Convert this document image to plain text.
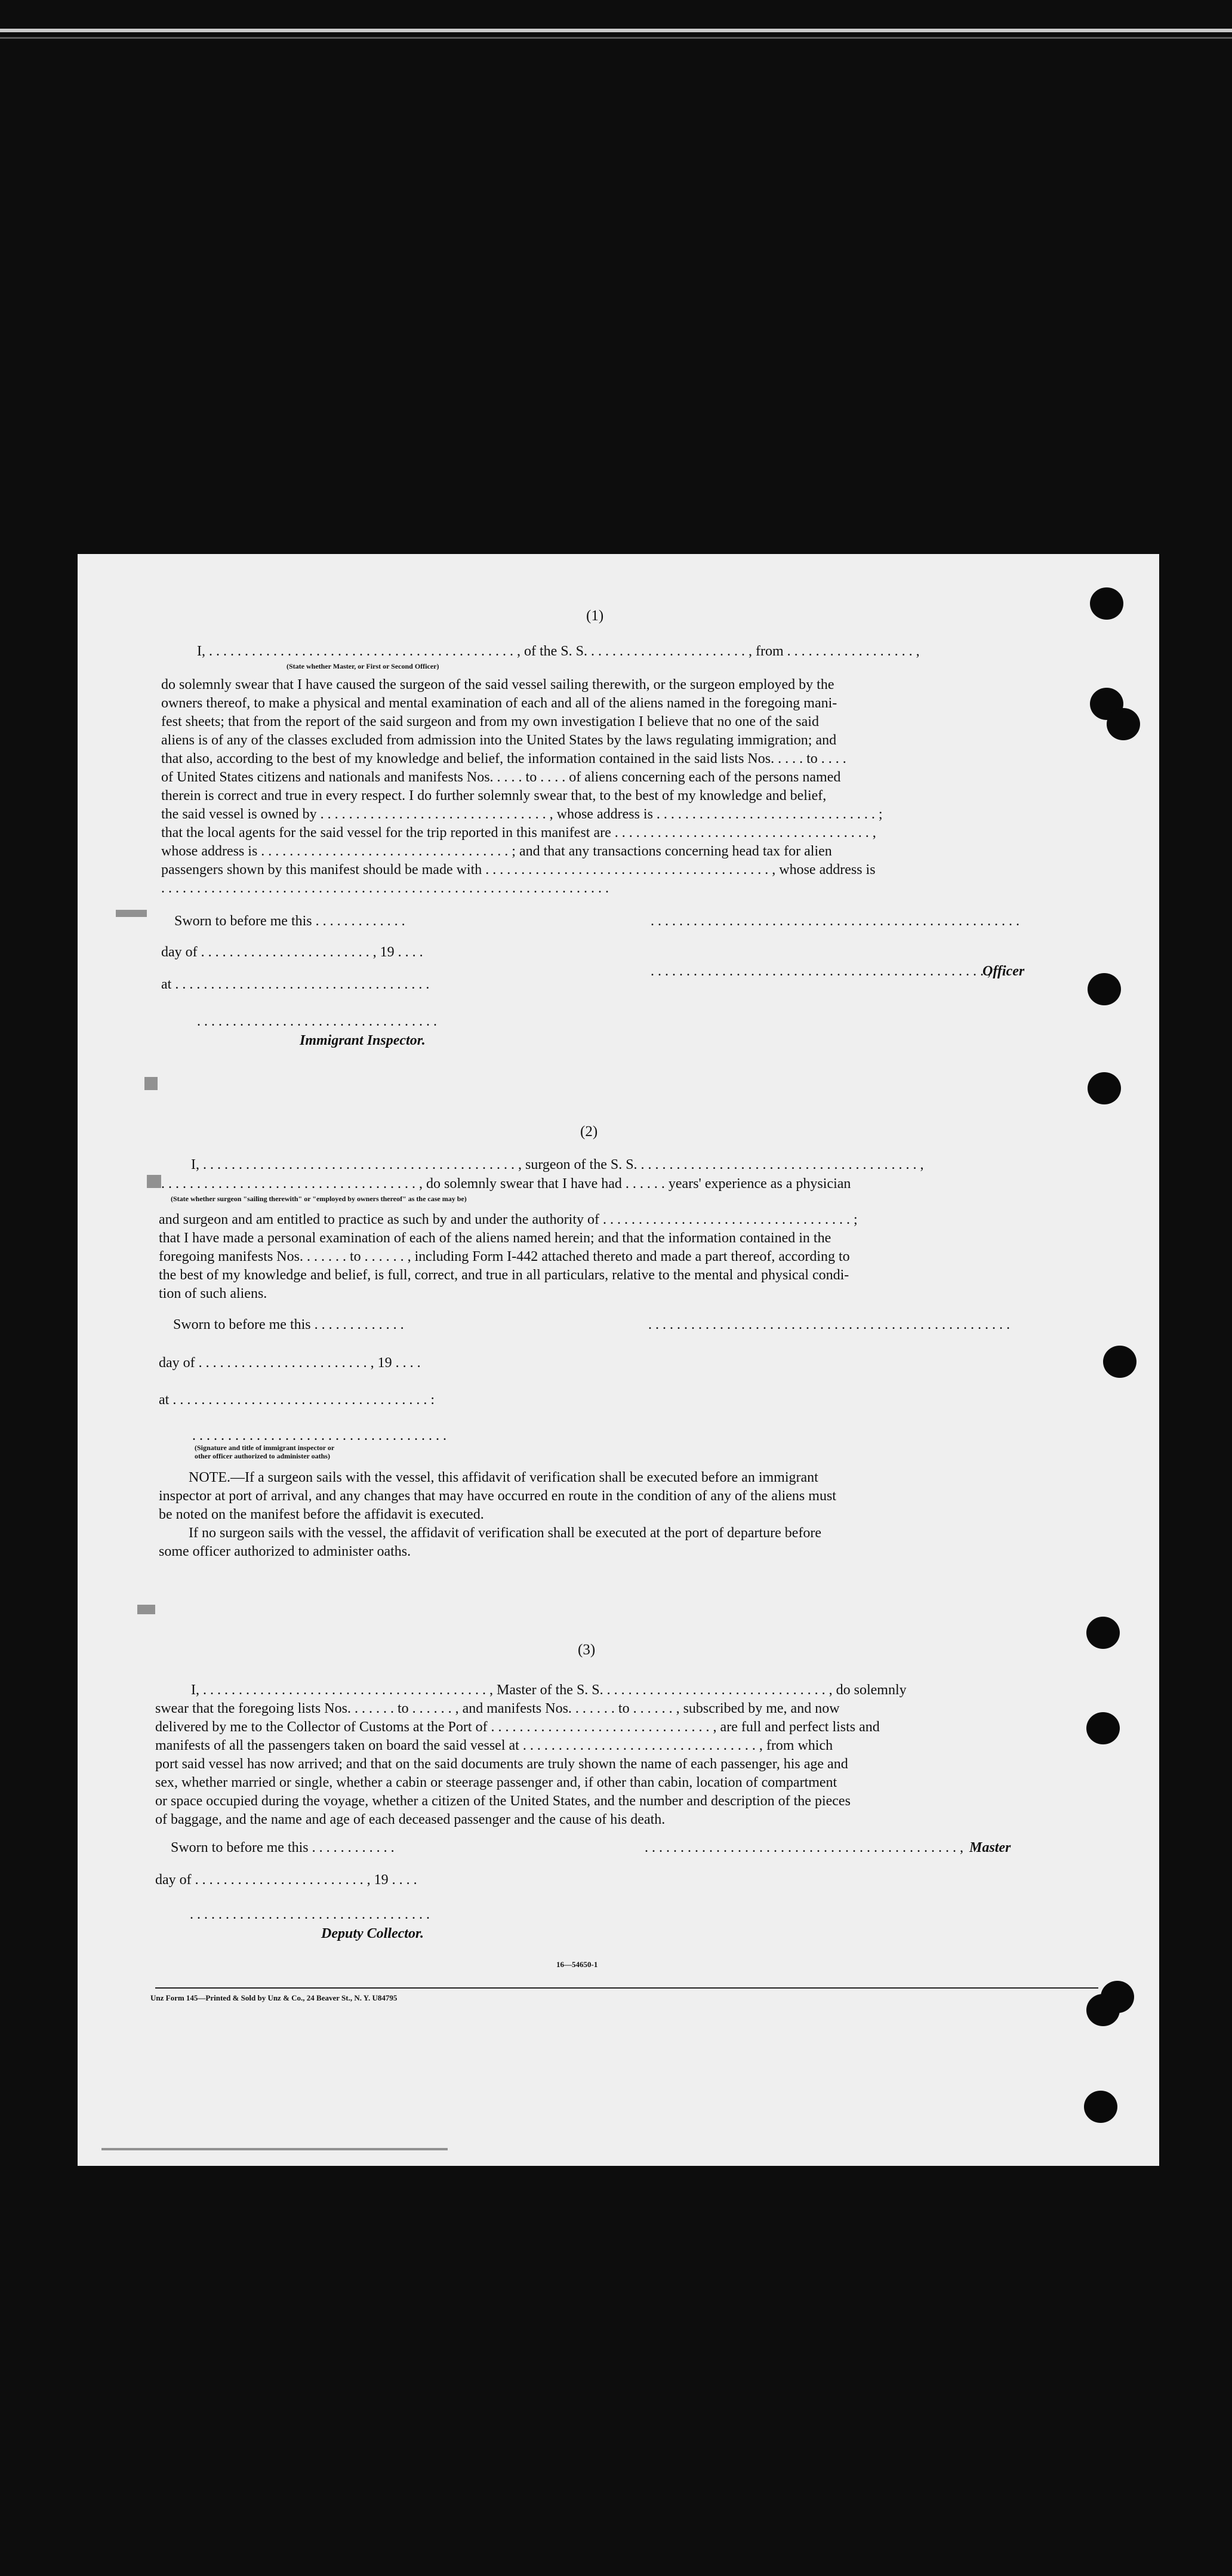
(1)
I, . . . . . . . . . . . . . . . . . . . . . . . . . . . . . . . . . . . . . . . . . . . , of the S. S. . . . . . . . . . . . . . . . . . . . . . . , from . . . . . . . . . . . . . . . . . . ,
(State whether Master, or First or Second Officer)
do solemnly swear that I have caused the surgeon of the said vessel sailing therewith, or the surgeon employed by the
owners thereof, to make a physical and mental examination of each and all of the aliens named in the foregoing mani-
fest sheets; that from the report of the said surgeon and from my own investigation I believe that no one of the said
aliens is of any of the classes excluded from admission into the United States by the laws regulating immigration; and
that also, according to the best of my knowledge and belief, the information contained in the said lists Nos. . . . . to . . . .
of United States citizens and nationals and manifests Nos. . . . . to . . . . of aliens concerning each of the persons named
therein is correct and true in every respect. I do further solemnly swear that, to the best of my knowledge and belief,
the said vessel is owned by . . . . . . . . . . . . . . . . . . . . . . . . . . . . . . . . , whose address is . . . . . . . . . . . . . . . . . . . . . . . . . . . . . . . ;
that the local agents for the said vessel for the trip reported in this manifest are . . . . . . . . . . . . . . . . . . . . . . . . . . . . . . . . . . . . ,
whose address is . . . . . . . . . . . . . . . . . . . . . . . . . . . . . . . . . . . ; and that any transactions concerning head tax for alien
passengers shown by this manifest should be made with . . . . . . . . . . . . . . . . . . . . . . . . . . . . . . . . . . . . . . . . , whose address is
. . . . . . . . . . . . . . . . . . . . . . . . . . . . . . . . . . . . . . . . . . . . . . . . . . . . . . . . . . . . . . .
Sworn to before me this . . . . . . . . . . . . .	. . . . . . . . . . . . . . . . . . . . . . . . . . . . . . . . . . . . . . . . . . . . . . . . . . . .
day of . . . . . . . . . . . . . . . . . . . . . . . . , 19 . . . .
. . . . . . . . . . . . . . . . . . . . . . . . . . . . . . . . . . . . . . . . . . . . . . . ,
Officer
at . . . . . . . . . . . . . . . . . . . . . . . . . . . . . . . . . . . .
. . . . . . . . . . . . . . . . . . . . . . . . . . . . . . . . . .
Immigrant Inspector.
(2)
I, . . . . . . . . . . . . . . . . . . . . . . . . . . . . . . . . . . . . . . . . . . . . , surgeon of the S. S. . . . . . . . . . . . . . . . . . . . . . . . . . . . . . . . . . . . . . . . ,
. . . . . . . . . . . . . . . . . . . . . . . . . . . . . . . . . . . . , do solemnly swear that I have had . . . . . . years' experience as a physician
(State whether surgeon "sailing therewith" or "employed by owners thereof" as the case may be)
and surgeon and am entitled to practice as such by and under the authority of . . . . . . . . . . . . . . . . . . . . . . . . . . . . . . . . . . . ;
that I have made a personal examination of each of the aliens named herein; and that the information contained in the
foregoing manifests Nos. . . . . . . to . . . . . . , including Form I-442 attached thereto and made a part thereof, according to
the best of my knowledge and belief, is full, correct, and true in all particulars, relative to the mental and physical condi-
tion of such aliens.
Sworn to before me this . . . . . . . . . . . . .	. . . . . . . . . . . . . . . . . . . . . . . . . . . . . . . . . . . . . . . . . . . . . . . . . . .
day of . . . . . . . . . . . . . . . . . . . . . . . . , 19 . . . .
at . . . . . . . . . . . . . . . . . . . . . . . . . . . . . . . . . . . . :
. . . . . . . . . . . . . . . . . . . . . . . . . . . . . . . . . . . .
(Signature and title of immigrant inspector or
other officer authorized to administer oaths)
NOTE.—If a surgeon sails with the vessel, this affidavit of verification shall be executed before an immigrant
inspector at port of arrival, and any changes that may have occurred en route in the condition of any of the aliens must
be noted on the manifest before the affidavit is executed.
If no surgeon sails with the vessel, the affidavit of verification shall be executed at the port of departure before
some officer authorized to administer oaths.
(3)
I, . . . . . . . . . . . . . . . . . . . . . . . . . . . . . . . . . . . . . . . . , Master of the S. S. . . . . . . . . . . . . . . . . . . . . . . . . . . . . . . . , do solemnly
swear that the foregoing lists Nos. . . . . . . to . . . . . . , and manifests Nos. . . . . . . to . . . . . . , subscribed by me, and now
delivered by me to the Collector of Customs at the Port of . . . . . . . . . . . . . . . . . . . . . . . . . . . . . . . , are full and perfect lists and
manifests of all the passengers taken on board the said vessel at . . . . . . . . . . . . . . . . . . . . . . . . . . . . . . . . . , from which
port said vessel has now arrived; and that on the said documents are truly shown the name of each passenger, his age and
sex, whether married or single, whether a cabin or steerage passenger and, if other than cabin, location of compartment
or space occupied during the voyage, whether a citizen of the United States, and the number and description of the pieces
of baggage, and the name and age of each deceased passenger and the cause of his death.
Sworn to before me this . . . . . . . . . . . .	. . . . . . . . . . . . . . . . . . . . . . . . . . . . . . . . . . . . . . . . . . . . , Master
day of . . . . . . . . . . . . . . . . . . . . . . . . , 19 . . . .
. . . . . . . . . . . . . . . . . . . . . . . . . . . . . . . . . .
Deputy Collector.
16—54650-1
Unz Form 145—Printed & Sold by Unz & Co., 24 Beaver St., N. Y. U84795
